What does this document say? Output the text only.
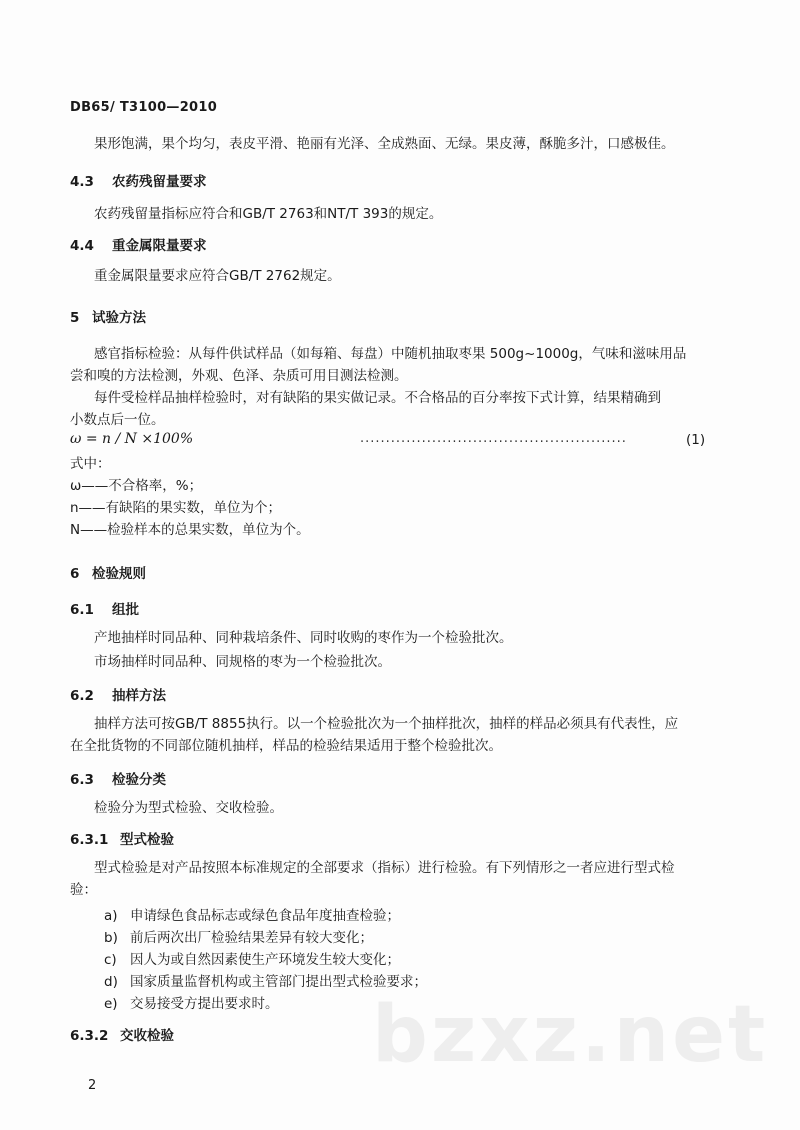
bzxz.net
DB65/ T3100—2010
果形饱满，果个均匀，表皮平滑、艳丽有光泽、全成熟面、无绿。果皮薄，酥脆多汁，口感极佳。
4.3 农药残留量要求
农药残留量指标应符合和GB/T 2763和NT/T 393的规定。
4.4 重金属限量要求
重金属限量要求应符合GB/T 2762规定。
5 试验方法
感官指标检验：从每件供试样品（如每箱、每盘）中随机抽取枣果 500g~1000g，气味和滋味用品
尝和嗅的方法检测，外观、色泽、杂质可用目测法检测。
每件受检样品抽样检验时，对有缺陷的果实做记录。不合格品的百分率按下式计算，结果精确到
小数点后一位。
ω = n / N ×100%	....................................................	(1)
式中：
ω——不合格率，%；
n——有缺陷的果实数，单位为个；
N——检验样本的总果实数，单位为个。
6 检验规则
6.1 组批
产地抽样时同品种、同种栽培条件、同时收购的枣作为一个检验批次。
市场抽样时同品种、同规格的枣为一个检验批次。
6.2 抽样方法
抽样方法可按GB/T 8855执行。以一个检验批次为一个抽样批次，抽样的样品必须具有代表性，应
在全批货物的不同部位随机抽样，样品的检验结果适用于整个检验批次。
6.3 检验分类
检验分为型式检验、交收检验。
6.3.1 型式检验
型式检验是对产品按照本标准规定的全部要求（指标）进行检验。有下列情形之一者应进行型式检
验：
a) 申请绿色食品标志或绿色食品年度抽查检验；
b) 前后两次出厂检验结果差异有较大变化；
c) 因人为或自然因素使生产环境发生较大变化；
d) 国家质量监督机构或主管部门提出型式检验要求；
e) 交易接受方提出要求时。
6.3.2 交收检验
2
